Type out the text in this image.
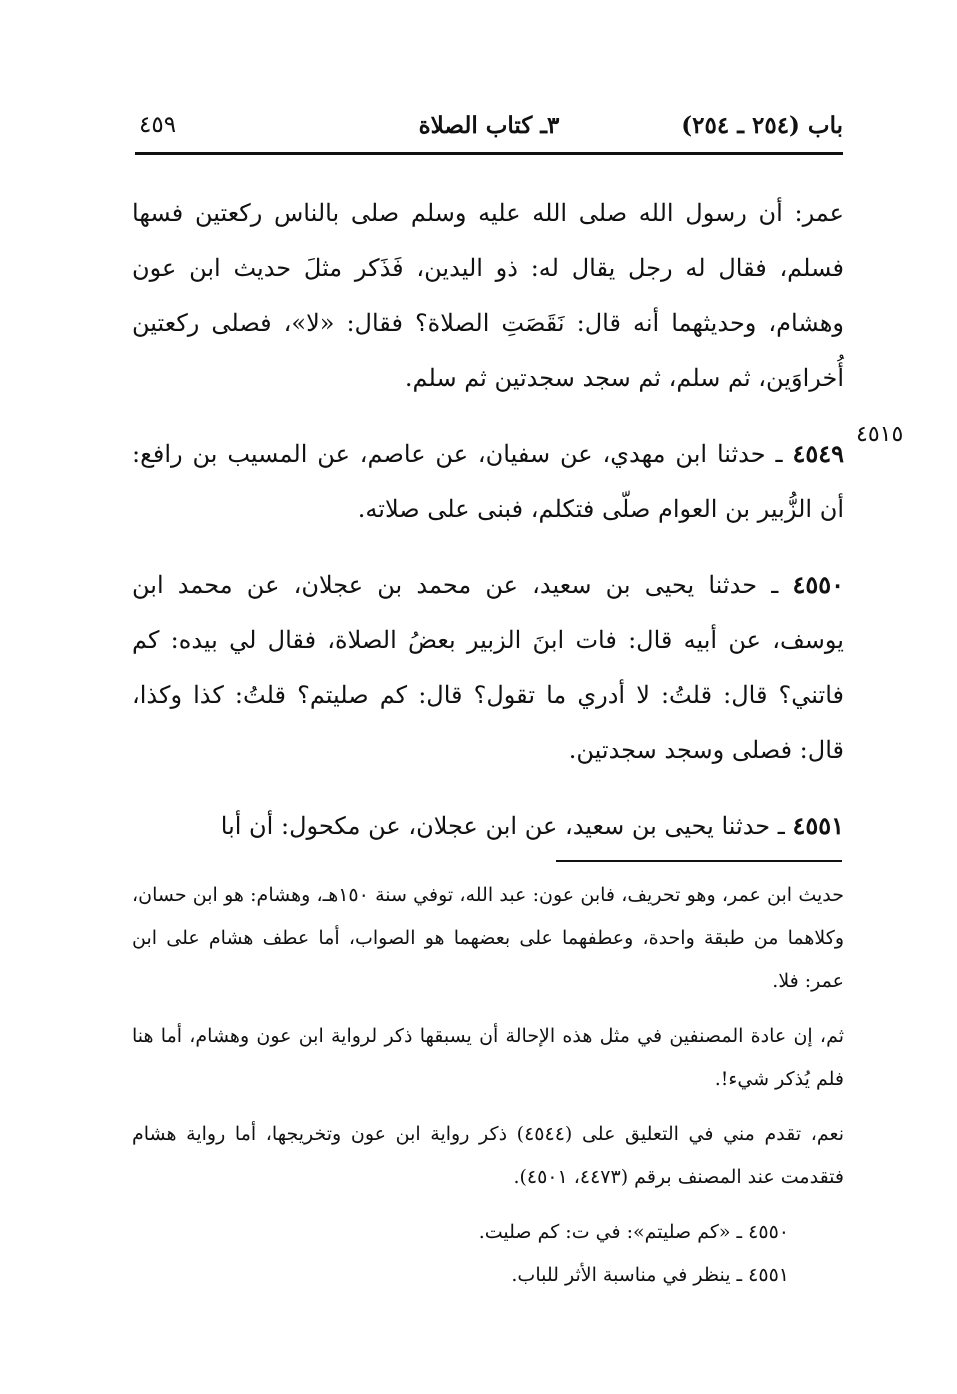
باب (٢٥٤ ـ ٢٥٤)
٣ـ كتاب الصلاة
٤٥٩
٤٥١٥

عمر: أن رسول الله صلى الله عليه وسلم صلى بالناس ركعتين فسها فسلم، فقال له رجل يقال له: ذو اليدين، فَذَكر مثلَ حديث ابن عون وهشام، وحديثهما أنه قال: نَقَصَتِ الصلاة؟ فقال: «لا»، فصلى ركعتين أُخراوَين، ثم سلم، ثم سجد سجدتين ثم سلم.

٤٥٤٩ ـ حدثنا ابن مهدي، عن سفيان، عن عاصم، عن المسيب بن رافع: أن الزُّبير بن العوام صلّى فتكلم، فبنى على صلاته.

٤٥٥٠ ـ حدثنا يحيى بن سعيد، عن محمد بن عجلان، عن محمد ابن يوسف، عن أبيه قال: فات ابنَ الزبير بعضُ الصلاة، فقال لي بيده: كم فاتني؟ قال: قلتُ: لا أدري ما تقول؟ قال: كم صليتم؟ قلتُ: كذا وكذا، قال: فصلى وسجد سجدتين.

٤٥٥١ ـ حدثنا يحيى بن سعيد، عن ابن عجلان، عن مكحول: أن أبا

حديث ابن عمر، وهو تحريف، فابن عون: عبد الله، توفي سنة ١٥٠هـ، وهشام: هو ابن حسان، وكلاهما من طبقة واحدة، وعطفهما على بعضهما هو الصواب، أما عطف هشام على ابن عمر: فلا.

ثم، إن عادة المصنفين في مثل هذه الإحالة أن يسبقها ذكر لرواية ابن عون وهشام، أما هنا فلم يُذكر شيء!.

نعم، تقدم مني في التعليق على (٤٥٤٤) ذكر رواية ابن عون وتخريجها، أما رواية هشام فتقدمت عند المصنف برقم (٤٤٧٣، ٤٥٠١).

٤٥٥٠ ـ «كم صليتم»: في ت: كم صليت.

٤٥٥١ ـ ينظر في مناسبة الأثر للباب.
